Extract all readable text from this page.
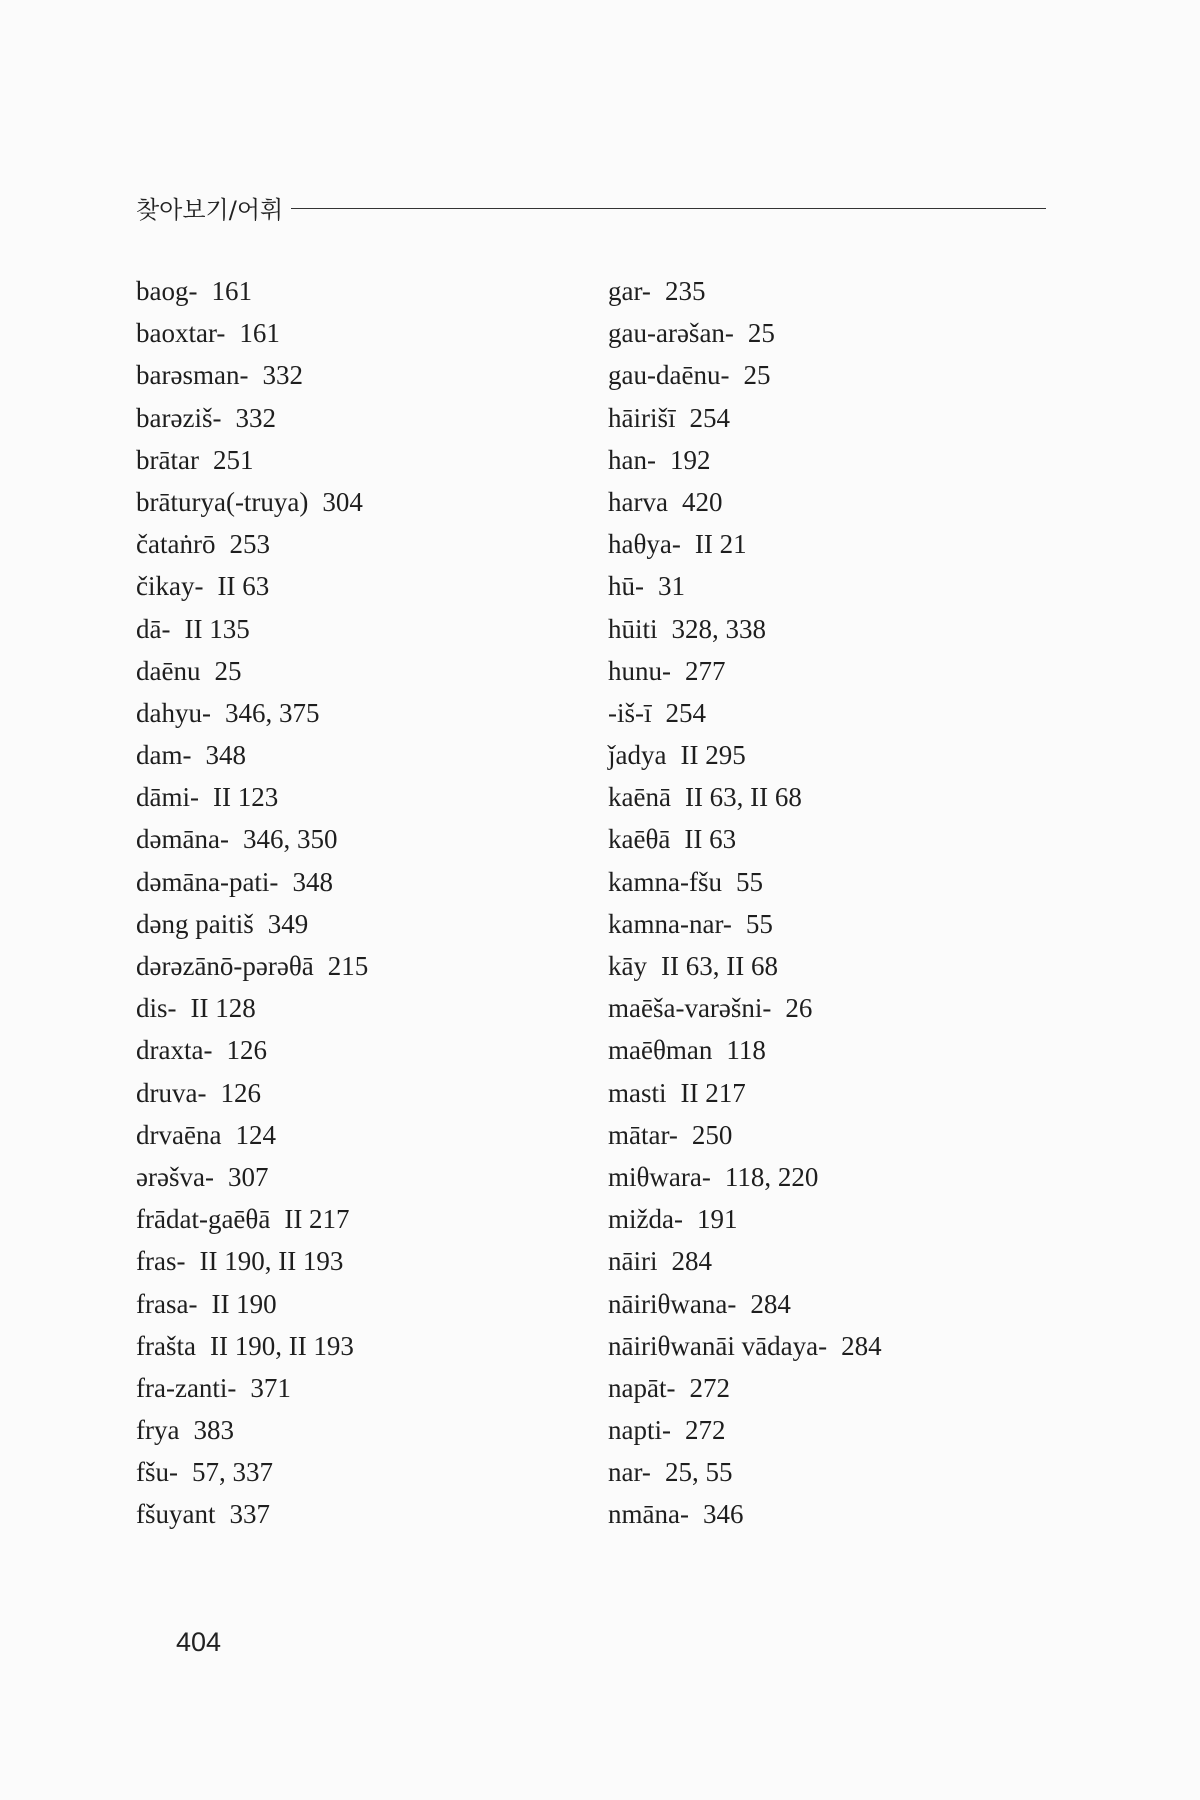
찾아보기/어휘
baog- 161
baoxtar- 161
barəsman- 332
barəziš- 332
brātar 251
brāturya(-truya) 304
čataṅrō 253
čikay- II 63
dā- II 135
daēnu 25
dahyu- 346, 375
dam- 348
dāmi- II 123
dəmāna- 346, 350
dəmāna-pati- 348
dəng paitiš 349
dərəzānō-pərəθā 215
dis- II 128
draxta- 126
druva- 126
drvaēna 124
ərəšva- 307
frādat-gaēθā II 217
fras- II 190, II 193
frasa- II 190
frašta II 190, II 193
fra-zanti- 371
frya 383
fšu- 57, 337
fšuyant 337
gar- 235
gau-arəšan- 25
gau-daēnu- 25
hāirišī 254
han- 192
harva 420
haθya- II 21
hū- 31
hūiti 328, 338
hunu- 277
-iš-ī 254
ǰadya II 295
kaēnā II 63, II 68
kaēθā II 63
kamna-fšu 55
kamna-nar- 55
kāy II 63, II 68
maēša-varəšni- 26
maēθman 118
masti II 217
mātar- 250
miθwara- 118, 220
mižda- 191
nāiri 284
nāiriθwana- 284
nāiriθwanāi vādaya- 284
napāt- 272
napti- 272
nar- 25, 55
nmāna- 346
404
